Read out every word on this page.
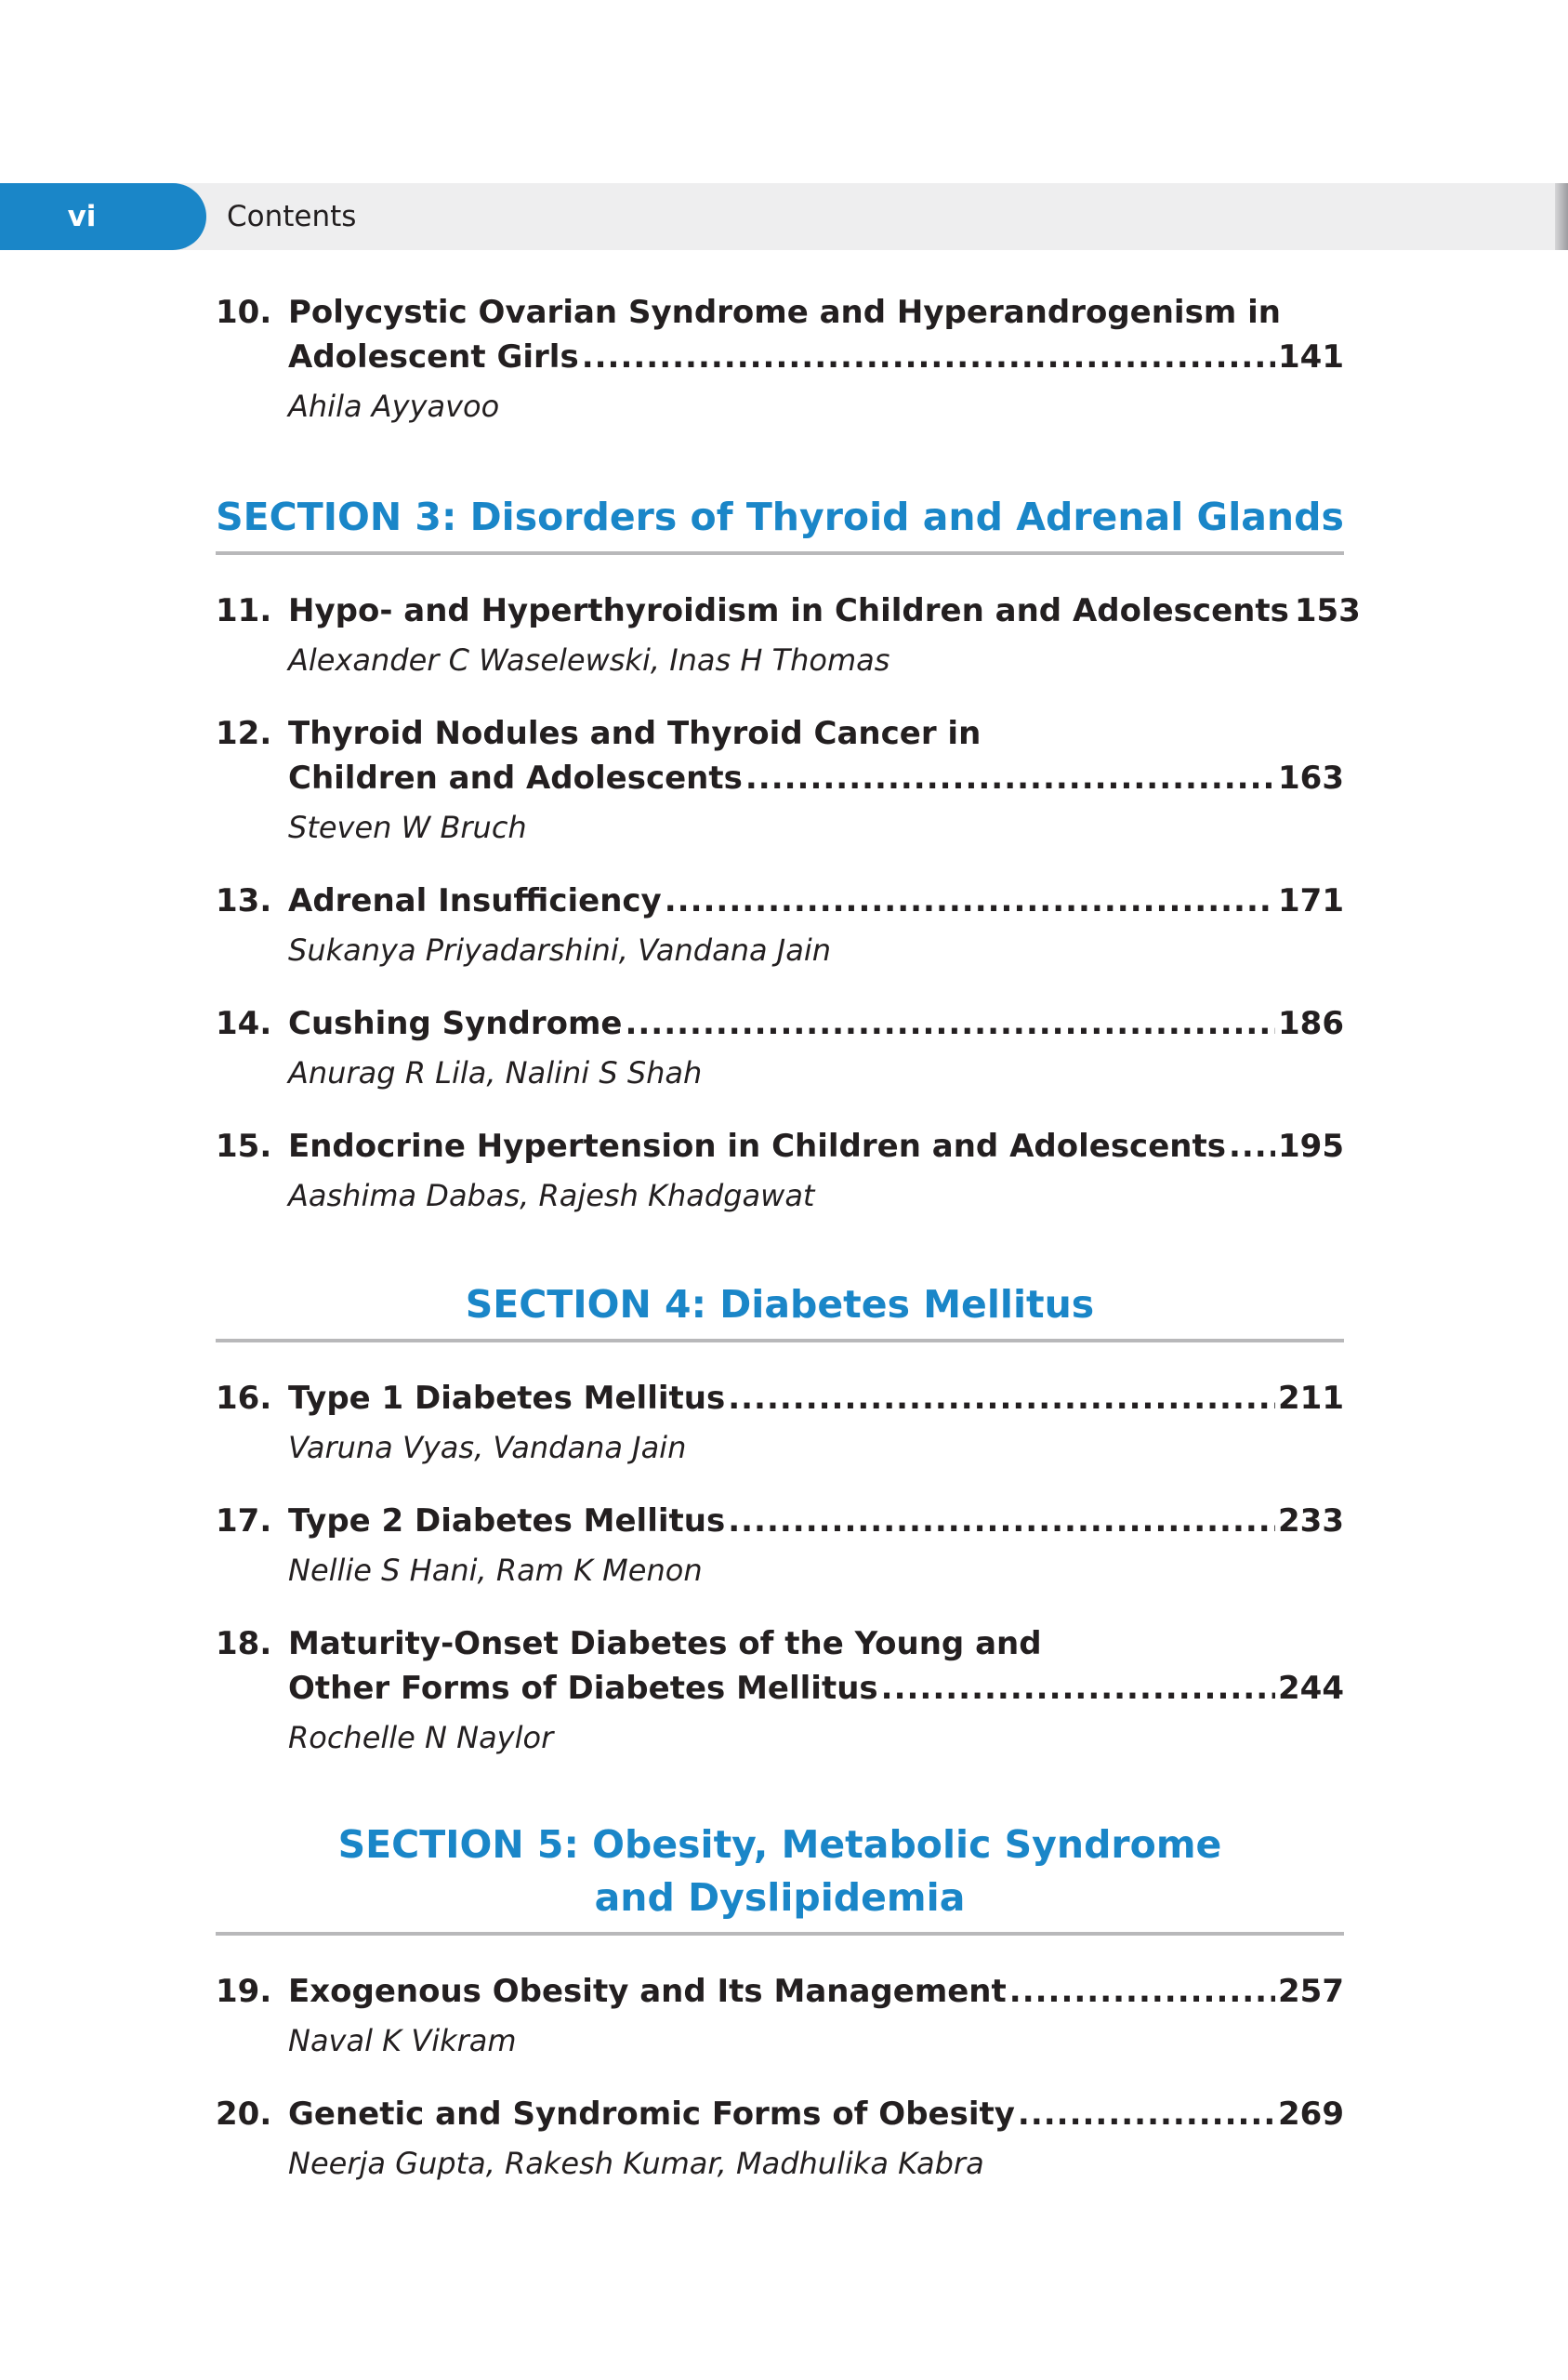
vi	Contents
10. Polycystic Ovarian Syndrome and Hyperandrogenism in
Adolescent Girls .....	141
Ahila Ayyavoo
SECTION 3: Disorders of Thyroid and Adrenal Glands
11. Hypo- and Hyperthyroidism in Children and Adolescents 153
Alexander C Waselewski, Inas H Thomas
12. Thyroid Nodules and Thyroid Cancer in
Children and Adolescents .....	163
Steven W Bruch
13. Adrenal Insufficiency .....	171
Sukanya Priyadarshini, Vandana Jain
14. Cushing Syndrome .....	186
Anurag R Lila, Nalini S Shah
15. Endocrine Hypertension in Children and Adolescents ..... 195
Aashima Dabas, Rajesh Khadgawat
SECTION 4: Diabetes Mellitus
16. Type 1 Diabetes Mellitus .....	211
Varuna Vyas, Vandana Jain
17. Type 2 Diabetes Mellitus .....	233
Nellie S Hani, Ram K Menon
18. Maturity-Onset Diabetes of the Young and
Other Forms of Diabetes Mellitus .....	244
Rochelle N Naylor
SECTION 5: Obesity, Metabolic Syndrome
and Dyslipidemia
19. Exogenous Obesity and Its Management .....	257
Naval K Vikram
20. Genetic and Syndromic Forms of Obesity .....	269
Neerja Gupta, Rakesh Kumar, Madhulika Kabra
